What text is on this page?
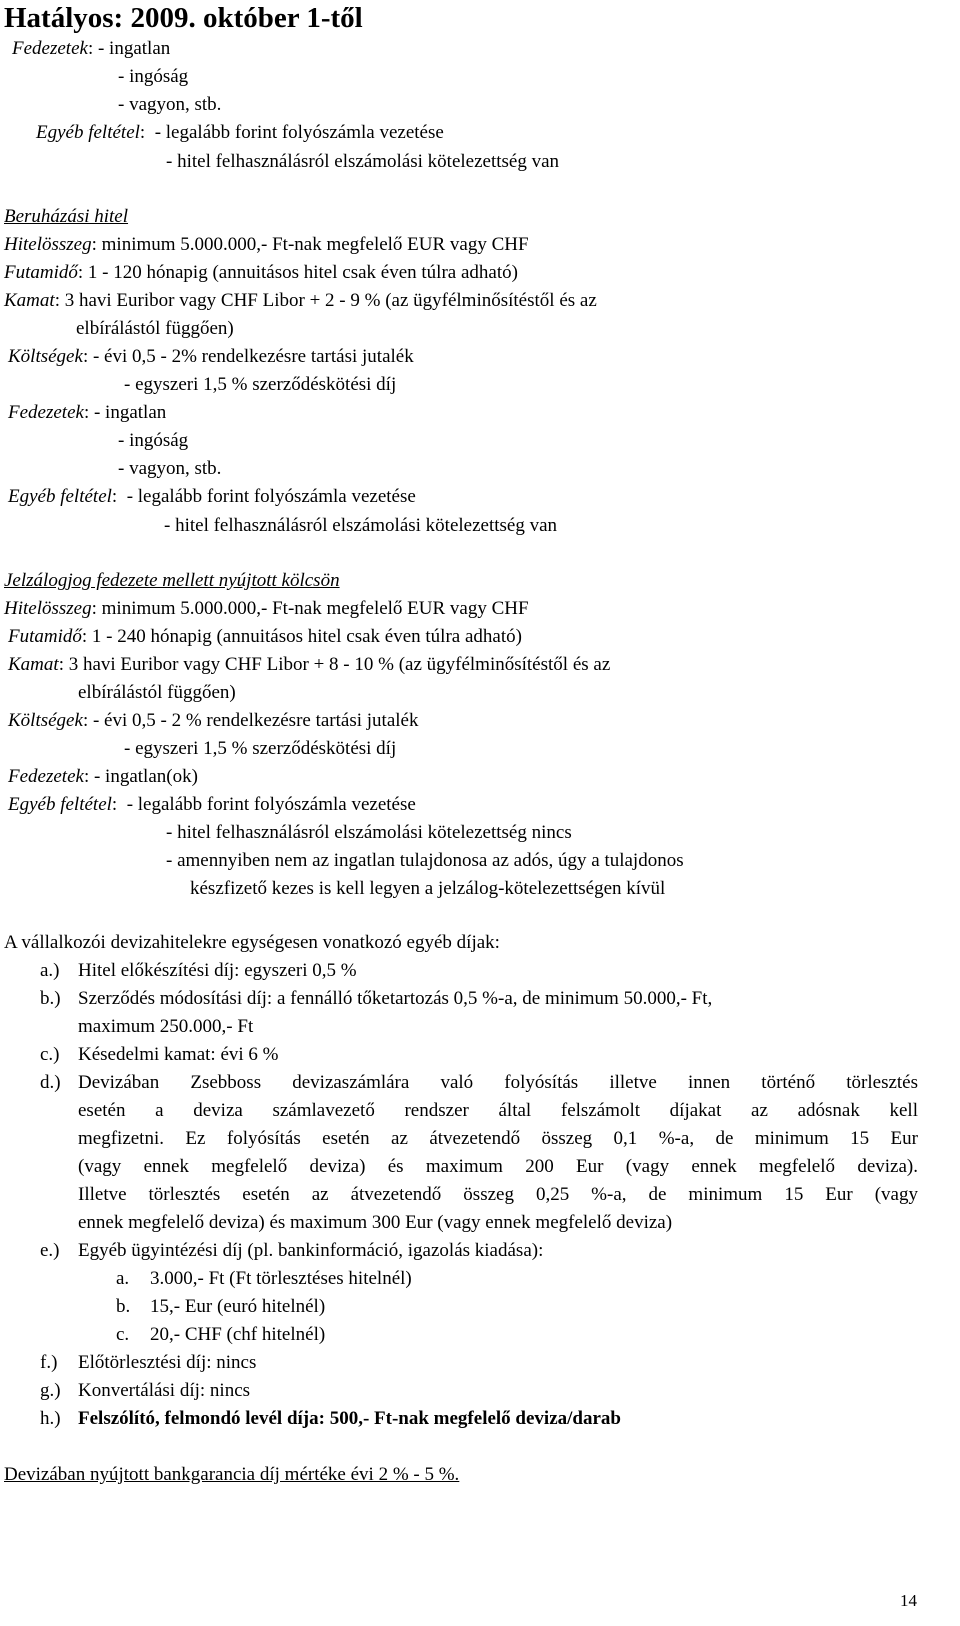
Hatályos: 2009. október 1-től
Fedezetek: - ingatlan
- ingóság
- vagyon, stb.
Egyéb feltétel:  - legalább forint folyószámla vezetése
- hitel felhasználásról elszámolási kötelezettség van
Beruházási hitel
Hitelösszeg: minimum 5.000.000,- Ft-nak megfelelő EUR vagy CHF
Futamidő: 1 - 120 hónapig (annuitásos hitel csak éven túlra adható)
Kamat: 3 havi Euribor vagy CHF Libor + 2 - 9 % (az ügyfélminősítéstől és az
elbírálástól függően)
Költségek: - évi 0,5 - 2% rendelkezésre tartási jutalék
- egyszeri 1,5 % szerződéskötési díj
Fedezetek: - ingatlan
- ingóság
- vagyon, stb.
Egyéb feltétel:  - legalább forint folyószámla vezetése
- hitel felhasználásról elszámolási kötelezettség van
Jelzálogjog fedezete mellett nyújtott kölcsön
Hitelösszeg: minimum 5.000.000,- Ft-nak megfelelő EUR vagy CHF
Futamidő: 1 - 240 hónapig (annuitásos hitel csak éven túlra adható)
Kamat: 3 havi Euribor vagy CHF Libor + 8 - 10 % (az ügyfélminősítéstől és az
elbírálástól függően)
Költségek: - évi 0,5 - 2 % rendelkezésre tartási jutalék
- egyszeri 1,5 % szerződéskötési díj
Fedezetek: - ingatlan(ok)
Egyéb feltétel:  - legalább forint folyószámla vezetése
- hitel felhasználásról elszámolási kötelezettség nincs
- amennyiben nem az ingatlan tulajdonosa az adós, úgy a tulajdonos
készfizető kezes is kell legyen a jelzálog-kötelezettségen kívül
A vállalkozói devizahitelekre egységesen vonatkozó egyéb díjak:
a.) Hitel előkészítési díj: egyszeri 0,5 %
b.) Szerződés módosítási díj: a fennálló tőketartozás 0,5 %-a, de minimum 50.000,- Ft,
maximum 250.000,- Ft
c.) Késedelmi kamat: évi 6 %
d.) Devizában Zsebboss devizaszámlára való folyósítás illetve innen történő törlesztés
esetén a deviza számlavezető rendszer által felszámolt díjakat az adósnak kell
megfizetni. Ez folyósítás esetén az átvezetendő összeg 0,1 %-a, de minimum 15 Eur
(vagy ennek megfelelő deviza) és maximum 200 Eur (vagy ennek megfelelő deviza).
Illetve törlesztés esetén az átvezetendő összeg 0,25 %-a, de minimum 15 Eur (vagy
ennek megfelelő deviza) és maximum 300 Eur (vagy ennek megfelelő deviza)
e.) Egyéb ügyintézési díj (pl. bankinformáció, igazolás kiadása):
a. 3.000,- Ft (Ft törlesztéses hitelnél)
b. 15,- Eur (euró hitelnél)
c. 20,- CHF (chf hitelnél)
f.) Előtörlesztési díj: nincs
g.) Konvertálási díj: nincs
h.) Felszólító, felmondó levél díja: 500,- Ft-nak megfelelő deviza/darab
Devizában nyújtott bankgarancia díj mértéke évi 2 % - 5 %.
14
